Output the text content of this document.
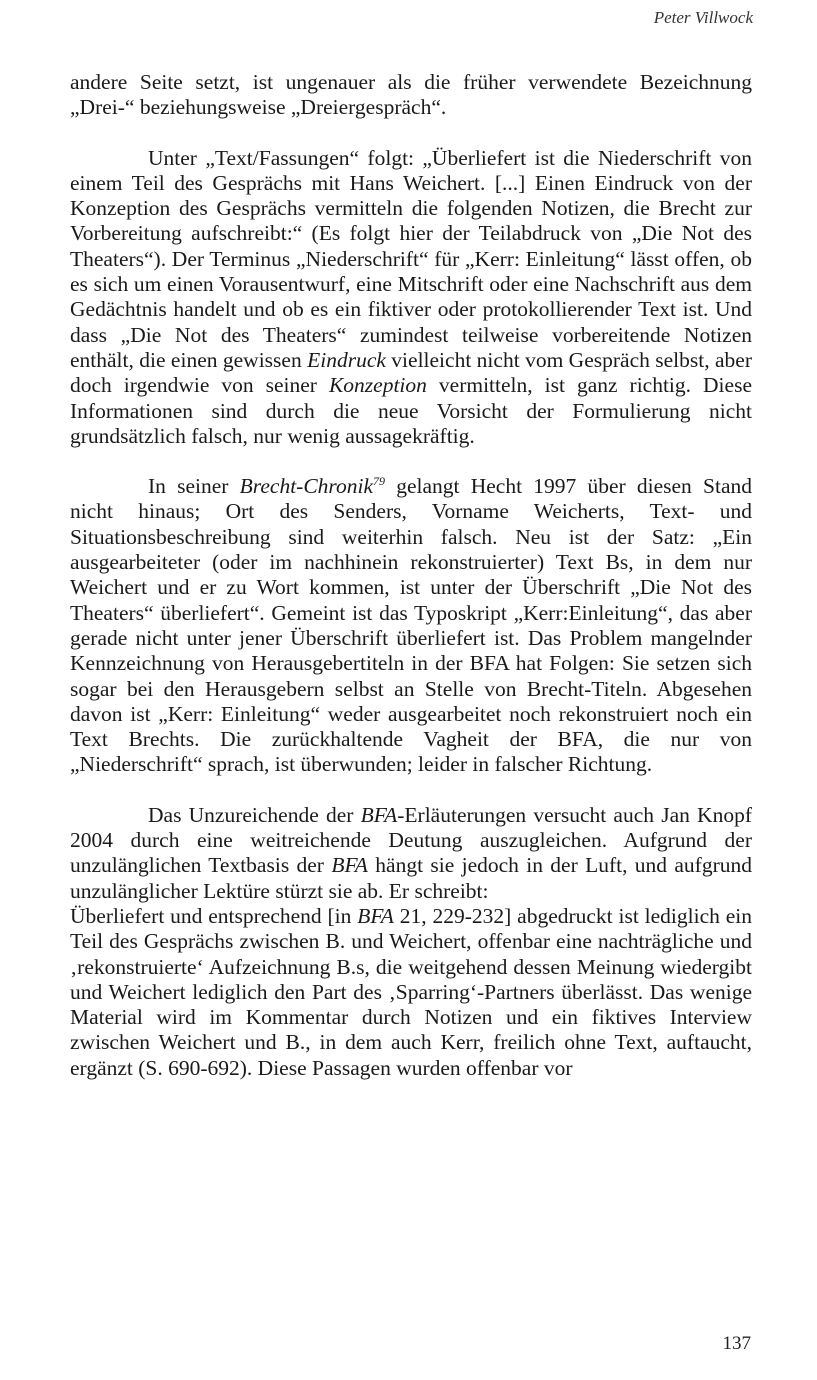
Peter Villwock

andere Seite setzt, ist ungenauer als die früher verwendete Bezeichnung „Drei-“ beziehungsweise „Dreiergespräch“.

Unter „Text/Fassungen“ folgt: „Überliefert ist die Niederschrift von einem Teil des Gesprächs mit Hans Weichert. [...] Einen Eindruck von der Konzeption des Gesprächs vermitteln die folgenden Notizen, die Brecht zur Vorbereitung aufschreibt:“ (Es folgt hier der Teilabdruck von „Die Not des Theaters“). Der Terminus „Niederschrift“ für „Kerr: Einleitung“ lässt offen, ob es sich um einen Vorausentwurf, eine Mitschrift oder eine Nachschrift aus dem Gedächtnis handelt und ob es ein fiktiver oder protokollierender Text ist. Und dass „Die Not des Theaters“ zumindest teilweise vorbereitende Notizen enthält, die einen gewissen Eindruck vielleicht nicht vom Gespräch selbst, aber doch irgendwie von seiner Konzeption vermitteln, ist ganz richtig. Diese Informationen sind durch die neue Vorsicht der Formulierung nicht grundsätzlich falsch, nur wenig aussagekräftig.

In seiner Brecht-Chronik$^{79}$ gelangt Hecht 1997 über diesen Stand nicht hinaus; Ort des Senders, Vorname Weicherts, Text- und Situationsbeschreibung sind weiterhin falsch. Neu ist der Satz: „Ein ausgearbeiteter (oder im nachhinein rekonstruierter) Text Bs, in dem nur Weichert und er zu Wort kommen, ist unter der Überschrift „Die Not des Theaters“ überliefert“. Gemeint ist das Typoskript „Kerr:Einleitung“, das aber gerade nicht unter jener Überschrift überliefert ist. Das Problem mangelnder Kennzeichnung von Herausgebertiteln in der BFA hat Folgen: Sie setzen sich sogar bei den Herausgebern selbst an Stelle von Brecht-Titeln. Abgesehen davon ist „Kerr: Einleitung“ weder ausgearbeitet noch rekonstruiert noch ein Text Brechts. Die zurückhaltende Vagheit der BFA, die nur von „Niederschrift“ sprach, ist überwunden; leider in falscher Richtung.

Das Unzureichende der BFA-Erläuterungen versucht auch Jan Knopf 2004 durch eine weitreichende Deutung auszugleichen. Aufgrund der unzulänglichen Textbasis der BFA hängt sie jedoch in der Luft, und aufgrund unzulänglicher Lektüre stürzt sie ab. Er schreibt:

Überliefert und entsprechend [in BFA 21, 229-232] abgedruckt ist lediglich ein Teil des Gesprächs zwischen B. und Weichert, offenbar eine nachträgliche und ‚rekonstruierte‘ Aufzeichnung B.s, die weitgehend dessen Meinung wiedergibt und Weichert lediglich den Part des ‚Sparring‘-Partners überlässt. Das wenige Material wird im Kommentar durch Notizen und ein fiktives Interview zwischen Weichert und B., in dem auch Kerr, freilich ohne Text, auftaucht, ergänzt (S. 690-692). Diese Passagen wurden offenbar vor

137
